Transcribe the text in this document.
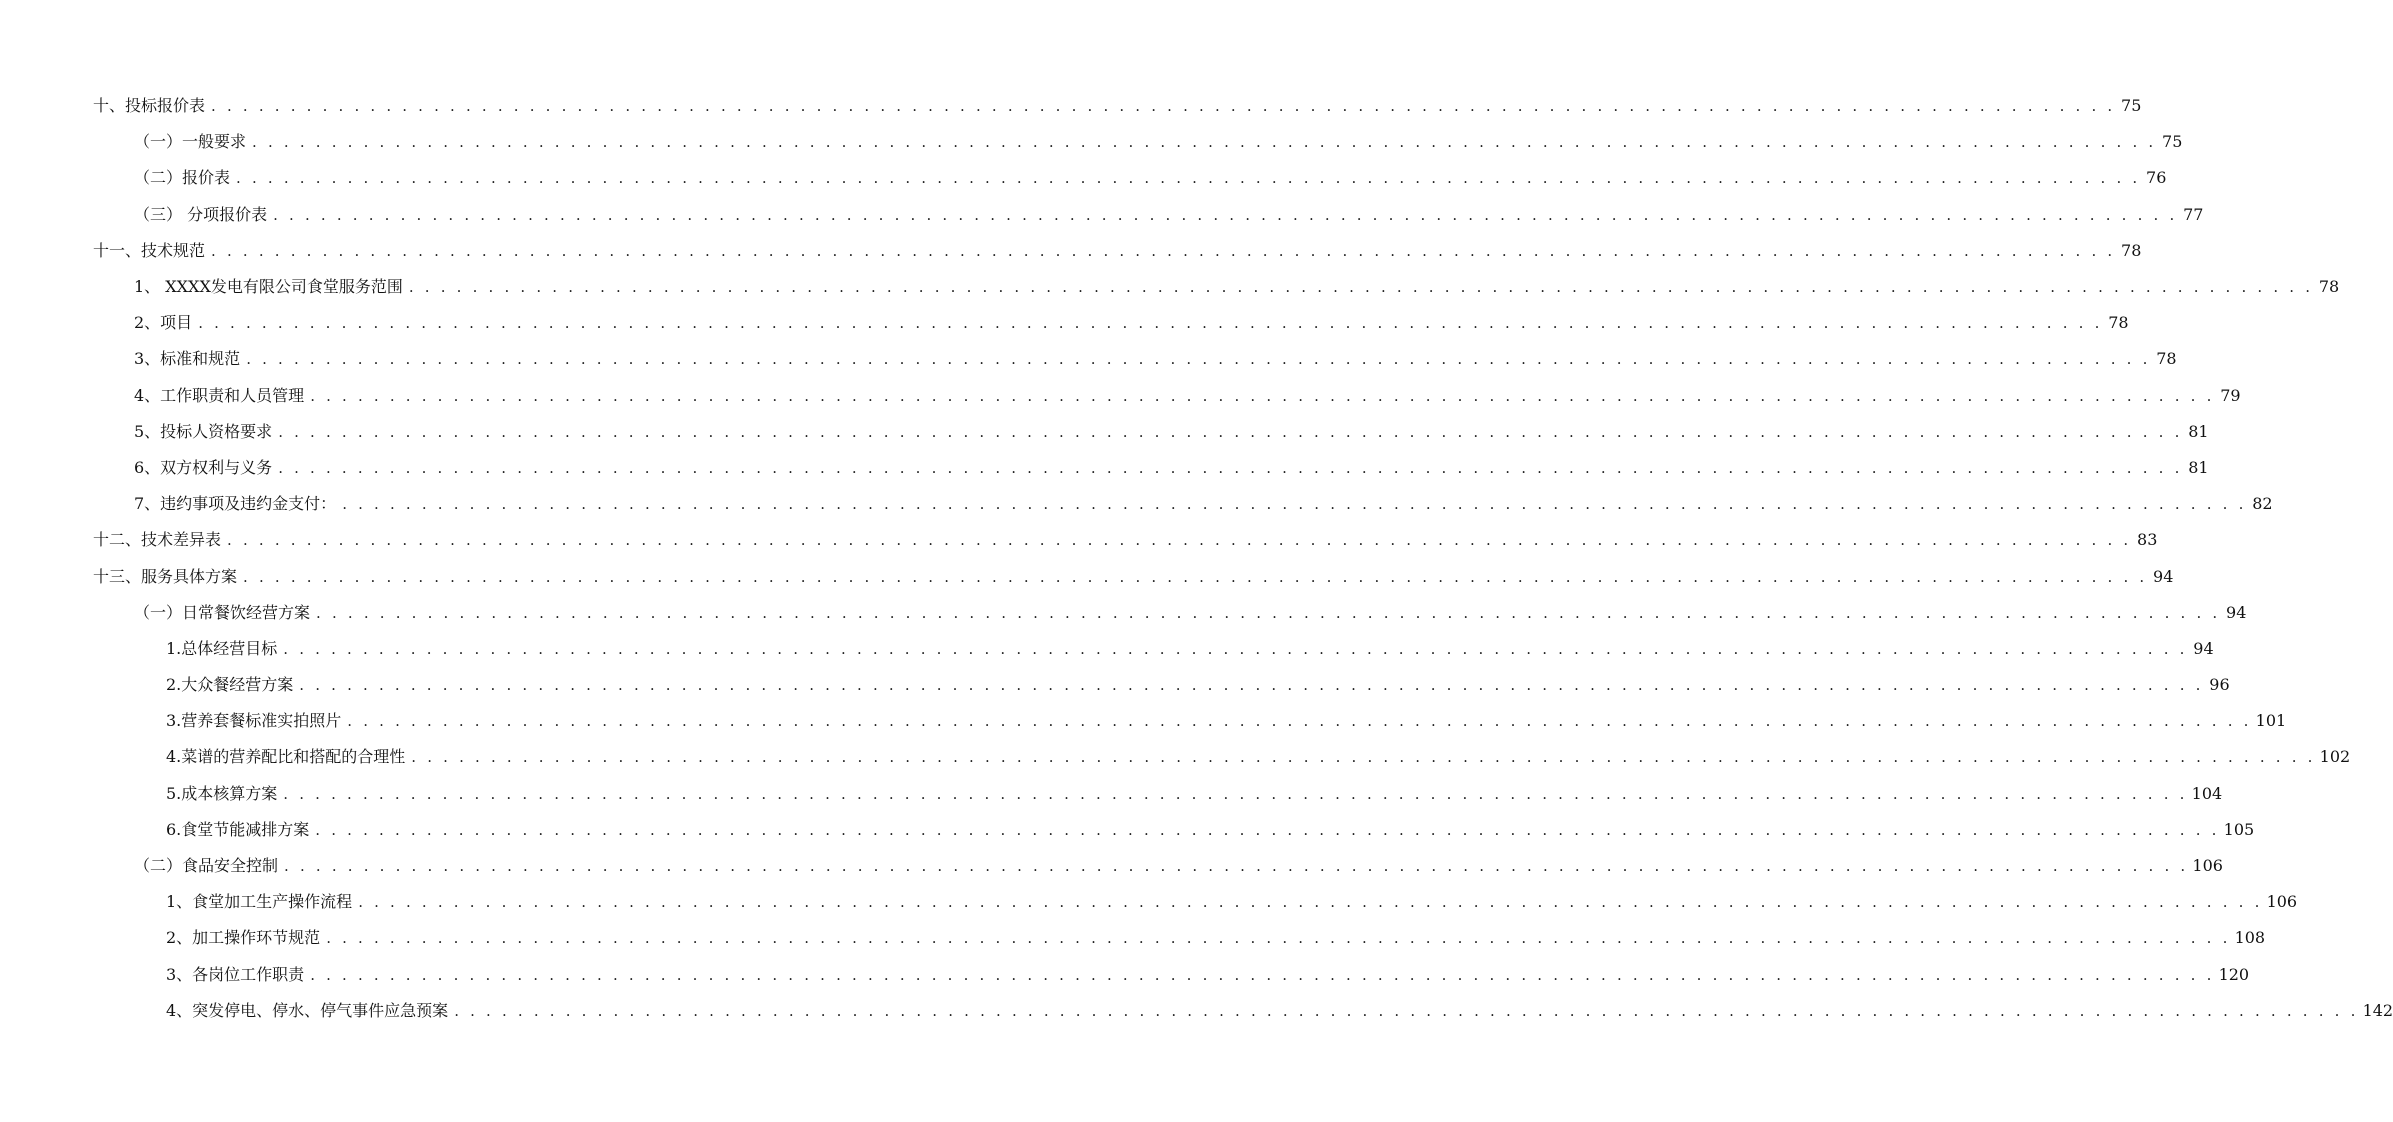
十、投标报价表 . . . . . . . . . . . . . . . . . . . . . . . . . . . . . . . . . . . . . . . . . . . . . . . . . . . . . . . . . . . . . . . . . . . . . . . . . . . . . . . . . . . . . . . . . . . . . . . . . . . . . . . . . . . . . . . . . . . . . . . . 75
（一）一般要求 . . . . . . . . . . . . . . . . . . . . . . . . . . . . . . . . . . . . . . . . . . . . . . . . . . . . . . . . . . . . . . . . . . . . . . . . . . . . . . . . . . . . . . . . . . . . . . . . . . . . . . . . . . . . . . . . . . . . . . . . 75
（二）报价表 . . . . . . . . . . . . . . . . . . . . . . . . . . . . . . . . . . . . . . . . . . . . . . . . . . . . . . . . . . . . . . . . . . . . . . . . . . . . . . . . . . . . . . . . . . . . . . . . . . . . . . . . . . . . . . . . . . . . . . . . 76
（三） 分项报价表 . . . . . . . . . . . . . . . . . . . . . . . . . . . . . . . . . . . . . . . . . . . . . . . . . . . . . . . . . . . . . . . . . . . . . . . . . . . . . . . . . . . . . . . . . . . . . . . . . . . . . . . . . . . . . . . . . . . . . . . . 77
十一、技术规范 . . . . . . . . . . . . . . . . . . . . . . . . . . . . . . . . . . . . . . . . . . . . . . . . . . . . . . . . . . . . . . . . . . . . . . . . . . . . . . . . . . . . . . . . . . . . . . . . . . . . . . . . . . . . . . . . . . . . . . . . 78
1、 XXXX发电有限公司食堂服务范围 . . . . . . . . . . . . . . . . . . . . . . . . . . . . . . . . . . . . . . . . . . . . . . . . . . . . . . . . . . . . . . . . . . . . . . . . . . . . . . . . . . . . . . . . . . . . . . . . . . . . . . . . . . . . . . . . . . . . . . . . 78
2、项目 . . . . . . . . . . . . . . . . . . . . . . . . . . . . . . . . . . . . . . . . . . . . . . . . . . . . . . . . . . . . . . . . . . . . . . . . . . . . . . . . . . . . . . . . . . . . . . . . . . . . . . . . . . . . . . . . . . . . . . . . 78
3、标准和规范 . . . . . . . . . . . . . . . . . . . . . . . . . . . . . . . . . . . . . . . . . . . . . . . . . . . . . . . . . . . . . . . . . . . . . . . . . . . . . . . . . . . . . . . . . . . . . . . . . . . . . . . . . . . . . . . . . . . . . . . . 78
4、工作职责和人员管理 . . . . . . . . . . . . . . . . . . . . . . . . . . . . . . . . . . . . . . . . . . . . . . . . . . . . . . . . . . . . . . . . . . . . . . . . . . . . . . . . . . . . . . . . . . . . . . . . . . . . . . . . . . . . . . . . . . . . . . . . 79
5、投标人资格要求 . . . . . . . . . . . . . . . . . . . . . . . . . . . . . . . . . . . . . . . . . . . . . . . . . . . . . . . . . . . . . . . . . . . . . . . . . . . . . . . . . . . . . . . . . . . . . . . . . . . . . . . . . . . . . . . . . . . . . . . . 81
6、双方权利与义务 . . . . . . . . . . . . . . . . . . . . . . . . . . . . . . . . . . . . . . . . . . . . . . . . . . . . . . . . . . . . . . . . . . . . . . . . . . . . . . . . . . . . . . . . . . . . . . . . . . . . . . . . . . . . . . . . . . . . . . . . 81
7、违约事项及违约金支付： . . . . . . . . . . . . . . . . . . . . . . . . . . . . . . . . . . . . . . . . . . . . . . . . . . . . . . . . . . . . . . . . . . . . . . . . . . . . . . . . . . . . . . . . . . . . . . . . . . . . . . . . . . . . . . . . . . . . . . . . 82
十二、技术差异表 . . . . . . . . . . . . . . . . . . . . . . . . . . . . . . . . . . . . . . . . . . . . . . . . . . . . . . . . . . . . . . . . . . . . . . . . . . . . . . . . . . . . . . . . . . . . . . . . . . . . . . . . . . . . . . . . . . . . . . . . 83
十三、服务具体方案 . . . . . . . . . . . . . . . . . . . . . . . . . . . . . . . . . . . . . . . . . . . . . . . . . . . . . . . . . . . . . . . . . . . . . . . . . . . . . . . . . . . . . . . . . . . . . . . . . . . . . . . . . . . . . . . . . . . . . . . . 94
（一）日常餐饮经营方案 . . . . . . . . . . . . . . . . . . . . . . . . . . . . . . . . . . . . . . . . . . . . . . . . . . . . . . . . . . . . . . . . . . . . . . . . . . . . . . . . . . . . . . . . . . . . . . . . . . . . . . . . . . . . . . . . . . . . . . . . 94
1.总体经营目标 . . . . . . . . . . . . . . . . . . . . . . . . . . . . . . . . . . . . . . . . . . . . . . . . . . . . . . . . . . . . . . . . . . . . . . . . . . . . . . . . . . . . . . . . . . . . . . . . . . . . . . . . . . . . . . . . . . . . . . . . 94
2.大众餐经营方案 . . . . . . . . . . . . . . . . . . . . . . . . . . . . . . . . . . . . . . . . . . . . . . . . . . . . . . . . . . . . . . . . . . . . . . . . . . . . . . . . . . . . . . . . . . . . . . . . . . . . . . . . . . . . . . . . . . . . . . . . 96
3.营养套餐标准实拍照片 . . . . . . . . . . . . . . . . . . . . . . . . . . . . . . . . . . . . . . . . . . . . . . . . . . . . . . . . . . . . . . . . . . . . . . . . . . . . . . . . . . . . . . . . . . . . . . . . . . . . . . . . . . . . . . . . . . . . . . . . 101
4.菜谱的营养配比和搭配的合理性 . . . . . . . . . . . . . . . . . . . . . . . . . . . . . . . . . . . . . . . . . . . . . . . . . . . . . . . . . . . . . . . . . . . . . . . . . . . . . . . . . . . . . . . . . . . . . . . . . . . . . . . . . . . . . . . . . . . . . . . . 102
5.成本核算方案 . . . . . . . . . . . . . . . . . . . . . . . . . . . . . . . . . . . . . . . . . . . . . . . . . . . . . . . . . . . . . . . . . . . . . . . . . . . . . . . . . . . . . . . . . . . . . . . . . . . . . . . . . . . . . . . . . . . . . . . . 104
6.食堂节能减排方案 . . . . . . . . . . . . . . . . . . . . . . . . . . . . . . . . . . . . . . . . . . . . . . . . . . . . . . . . . . . . . . . . . . . . . . . . . . . . . . . . . . . . . . . . . . . . . . . . . . . . . . . . . . . . . . . . . . . . . . . . 105
（二）食品安全控制 . . . . . . . . . . . . . . . . . . . . . . . . . . . . . . . . . . . . . . . . . . . . . . . . . . . . . . . . . . . . . . . . . . . . . . . . . . . . . . . . . . . . . . . . . . . . . . . . . . . . . . . . . . . . . . . . . . . . . . . . 106
1、食堂加工生产操作流程 . . . . . . . . . . . . . . . . . . . . . . . . . . . . . . . . . . . . . . . . . . . . . . . . . . . . . . . . . . . . . . . . . . . . . . . . . . . . . . . . . . . . . . . . . . . . . . . . . . . . . . . . . . . . . . . . . . . . . . . . 106
2、加工操作环节规范 . . . . . . . . . . . . . . . . . . . . . . . . . . . . . . . . . . . . . . . . . . . . . . . . . . . . . . . . . . . . . . . . . . . . . . . . . . . . . . . . . . . . . . . . . . . . . . . . . . . . . . . . . . . . . . . . . . . . . . . . 108
3、各岗位工作职责 . . . . . . . . . . . . . . . . . . . . . . . . . . . . . . . . . . . . . . . . . . . . . . . . . . . . . . . . . . . . . . . . . . . . . . . . . . . . . . . . . . . . . . . . . . . . . . . . . . . . . . . . . . . . . . . . . . . . . . . . 120
4、突发停电、停水、停气事件应急预案 . . . . . . . . . . . . . . . . . . . . . . . . . . . . . . . . . . . . . . . . . . . . . . . . . . . . . . . . . . . . . . . . . . . . . . . . . . . . . . . . . . . . . . . . . . . . . . . . . . . . . . . . . . . . . . . . . . . . . . . . 142
